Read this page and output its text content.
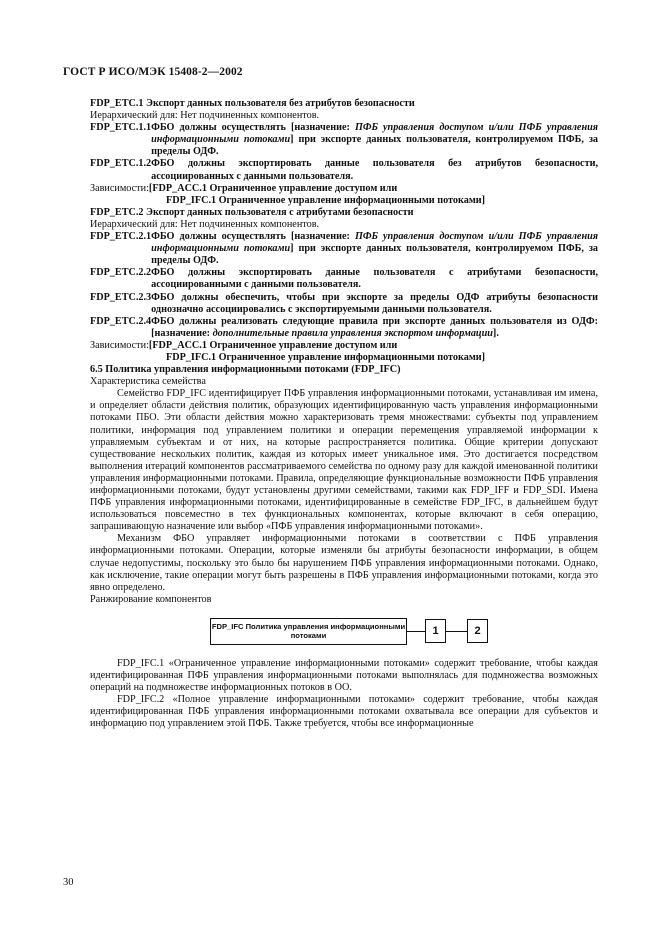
ГОСТ Р ИСО/МЭК 15408-2—2002

FDP_ETC.1 Экспорт данных пользователя без атрибутов безопасности

Иерархический для: Нет подчиненных компонентов.

FDP_ETC.1.1 ФБО должны осуществлять [назначение: ПФБ управления доступом и/или ПФБ управления информационными потоками] при экспорте данных пользователя, контролируемом ПФБ, за пределы ОДФ.
FDP_ETC.1.2 ФБО должны экспортировать данные пользователя без атрибутов безопасности, ассоциированных с данными пользователя.
Зависимости: [FDP_ACC.1 Ограниченное управление доступом или

FDP_IFC.1 Ограниченное управление информационными потоками]

FDP_ETC.2 Экспорт данных пользователя с атрибутами безопасности

Иерархический для: Нет подчиненных компонентов.

FDP_ETC.2.1 ФБО должны осуществлять [назначение: ПФБ управления доступом и/или ПФБ управления информационными потоками] при экспорте данных пользователя, контролируемом ПФБ, за пределы ОДФ.
FDP_ETC.2.2 ФБО должны экспортировать данные пользователя с атрибутами безопасности, ассоциированными с данными пользователя.
FDP_ETC.2.3 ФБО должны обеспечить, чтобы при экспорте за пределы ОДФ атрибуты безопасности однозначно ассоциировались с экспортируемыми данными пользователя.
FDP_ETC.2.4 ФБО должны реализовать следующие правила при экспорте данных пользователя из ОДФ: [назначение: дополнительные правила управления экспортом информации].
Зависимости: [FDP_ACC.1 Ограниченное управление доступом или

FDP_IFC.1 Ограниченное управление информационными потоками]

6.5 Политика управления информационными потоками (FDP_IFC)

Характеристика семейства

Семейство FDP_IFC идентифицирует ПФБ управления информационными потоками, устанавливая им имена, и определяет области действия политик, образующих идентифицированную часть управления информационными потоками ПБО. Эти области действия можно характеризовать тремя множествами: субъекты под управлением политики, информация под управлением политики и операции перемещения управляемой информации к управляемым субъектам и от них, на которые распространяется политика. Общие критерии допускают существование нескольких политик, каждая из которых имеет уникальное имя. Это достигается посредством выполнения итераций компонентов рассматриваемого семейства по одному разу для каждой именованной политики управления информационными потоками. Правила, определяющие функциональные возможности ПФБ управления информационными потоками, будут установлены другими семействами, такими как FDP_IFF и FDP_SDI. Имена ПФБ управления информационными потоками, идентифицированные в семействе FDP_IFC, в дальнейшем будут использоваться повсеместно в тех функциональных компонентах, которые включают в себя операцию, запрашивающую назначение или выбор «ПФБ управления информационными потоками».

Механизм ФБО управляет информационными потоками в соответствии с ПФБ управления информационными потоками. Операции, которые изменяли бы атрибуты безопасности информации, в общем случае недопустимы, поскольку это было бы нарушением ПФБ управления информационными потоками. Однако, как исключение, такие операции могут быть разрешены в ПФБ управления информационными потоками, когда это явно определено.

Ранжирование компонентов

FDP_IFC Политика управления информационными потоками	1	2

FDP_IFC.1 «Ограниченное управление информационными потоками» содержит требование, чтобы каждая идентифицированная ПФБ управления информационными потоками выполнялась для подмножества возможных операций на подмножестве информационных потоков в ОО.

FDP_IFC.2 «Полное управление информационными потоками» содержит требование, чтобы каждая идентифицированная ПФБ управления информационными потоками охватывала все операции для субъектов и информацию под управлением этой ПФБ. Также требуется, чтобы все информационные

30
